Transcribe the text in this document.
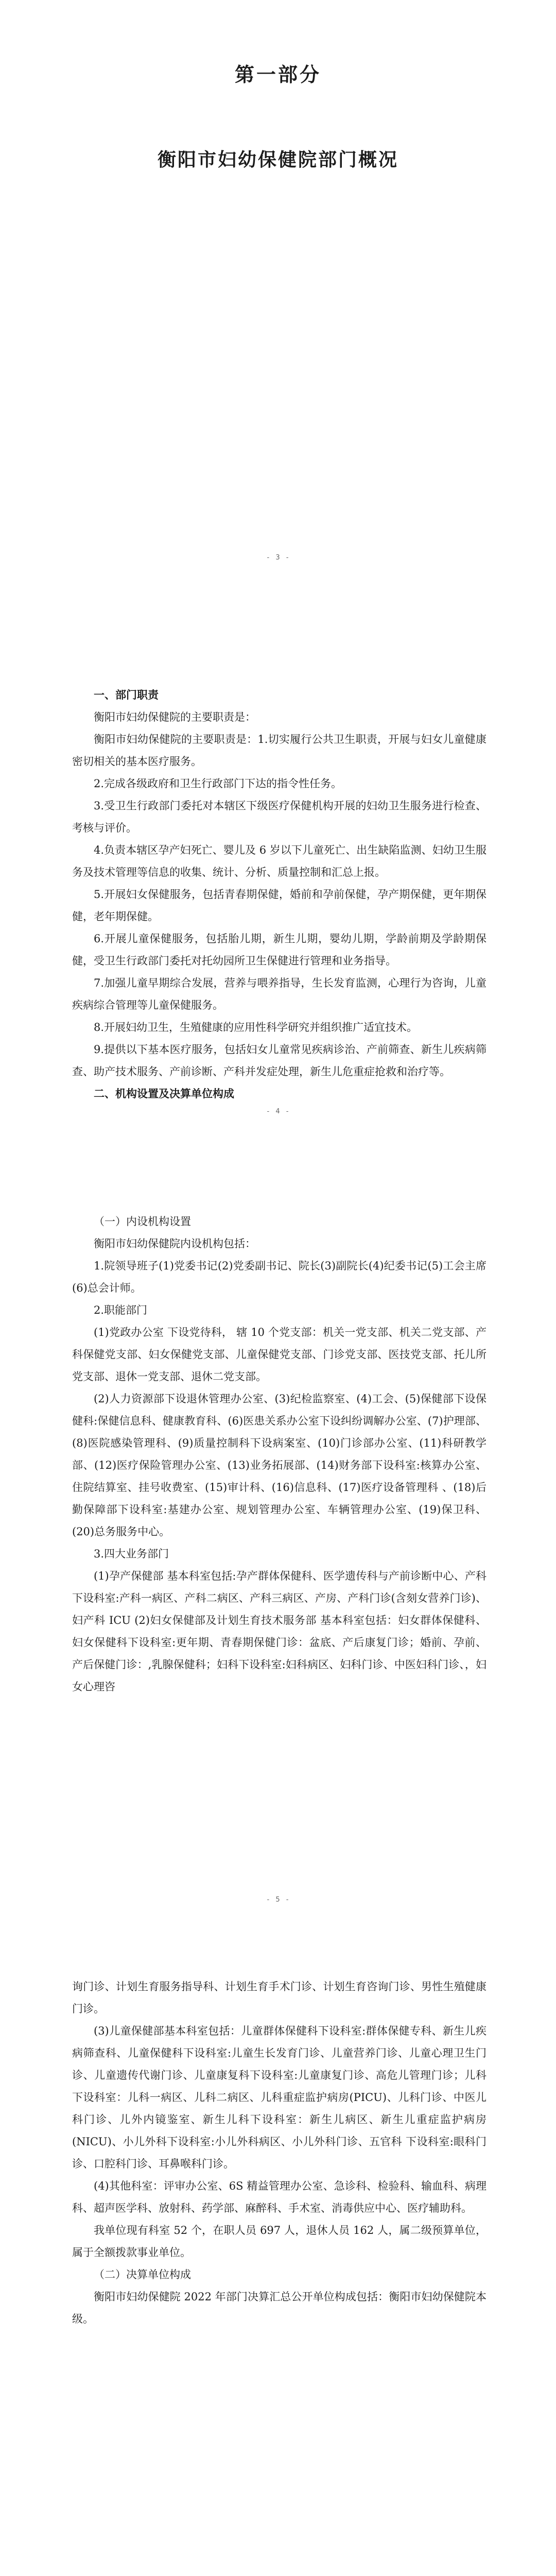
第一部分
衡阳市妇幼保健院部门概况
- 3 -

一、部门职责

衡阳市妇幼保健院的主要职责是：

衡阳市妇幼保健院的主要职责是：1.切实履行公共卫生职责，开展与妇女儿童健康密切相关的基本医疗服务。

2.完成各级政府和卫生行政部门下达的指令性任务。

3.受卫生行政部门委托对本辖区下级医疗保健机构开展的妇幼卫生服务进行检查、考核与评价。

4.负责本辖区孕产妇死亡、婴儿及 6 岁以下儿童死亡、出生缺陷监测、妇幼卫生服务及技术管理等信息的收集、统计、分析、质量控制和汇总上报。

5.开展妇女保健服务，包括青春期保健，婚前和孕前保健，孕产期保健，更年期保健，老年期保健。

6.开展儿童保健服务，包括胎儿期，新生儿期，婴幼儿期，学龄前期及学龄期保健，受卫生行政部门委托对托幼园所卫生保健进行管理和业务指导。

7.加强儿童早期综合发展，营养与喂养指导，生长发育监测，心理行为咨询，儿童疾病综合管理等儿童保健服务。

8.开展妇幼卫生，生殖健康的应用性科学研究并组织推广适宜技术。

9.提供以下基本医疗服务，包括妇女儿童常见疾病诊治、产前筛查、新生儿疾病筛查、助产技术服务、产前诊断、产科并发症处理，新生儿危重症抢救和治疗等。

二、机构设置及决算单位构成

- 4 -

（一）内设机构设置

衡阳市妇幼保健院内设机构包括：

1.院领导班子(1)党委书记(2)党委副书记、院长(3)副院长(4)纪委书记(5)工会主席 (6)总会计师。

2.职能部门

(1)党政办公室 下设党待科， 辖 10 个党支部：机关一党支部、机关二党支部、产科保健党支部、妇女保健党支部、儿童保健党支部、门诊党支部、医技党支部、托儿所党支部、退休一党支部、退休二党支部。

(2)人力资源部下设退休管理办公室、(3)纪检监察室、(4)工会、(5)保健部下设保健科:保健信息科、健康教育科、(6)医患关系办公室下设纠纷调解办公室、(7)护理部、(8)医院感染管理科、(9)质量控制科下设病案室、(10)门诊部办公室、(11)科研教学部、(12)医疗保险管理办公室、(13)业务拓展部、(14)财务部下设科室:核算办公室、住院结算室、挂号收费室、(15)审计科、(16)信息科、(17)医疗设备管理科 、(18)后勤保障部下设科室:基建办公室、规划管理办公室、车辆管理办公室、(19)保卫科、(20)总务服务中心。

3.四大业务部门

(1)孕产保健部 基本科室包括:孕产群体保健科、医学遗传科与产前诊断中心、产科下设科室:产科一病区、产科二病区、产科三病区、产房、产科门诊(含刻女营养门诊)、妇产科 ICU (2)妇女保健部及计划生育技术服务部 基本科室包括：妇女群体保健科、妇女保健科下设科室:更年期、青春期保健门诊：盆底、产后康复门诊；婚前、孕前、产后保健门诊：,乳腺保健科；妇科下设科室:妇科病区、妇科门诊、中医妇科门诊、，妇女心理咨

- 5 -

询门诊、计划生育服务指导科、计划生育手术门诊、计划生育咨询门诊、男性生殖健康门诊。

(3)儿童保健部基本科室包括：儿童群体保健科下设科室:群体保健专科、新生儿疾病筛查科、儿童保健科下设科室:儿童生长发育门诊、儿童营养门诊、儿童心理卫生门诊、儿童遗传代谢门诊、儿童康复科下设科室:儿童康复门诊、高危儿管理门诊；儿科下设科室：儿科一病区、儿科二病区、儿科重症监护病房(PICU)、儿科门诊、中医儿科门诊、儿外内镜鉴室、新生儿科下设科室：新生儿病区、新生儿重症监护病房(NICU)、小儿外科下设科室:小儿外科病区、小儿外科门诊、五官科 下设科室:眼科门诊、口腔科门诊、耳鼻喉科门诊。

(4)其他科室：评审办公室、6S 精益管理办公室、急诊科、检验科、输血科、病理科、超声医学科、放射科、药学部、麻醉科、手术室、消毒供应中心、医疗辅助科。

我单位现有科室 52 个，在职人员 697 人，退休人员 162 人，属二级预算单位，属于全额拨款事业单位。

（二）决算单位构成

衡阳市妇幼保健院 2022 年部门决算汇总公开单位构成包括：衡阳市妇幼保健院本级。
